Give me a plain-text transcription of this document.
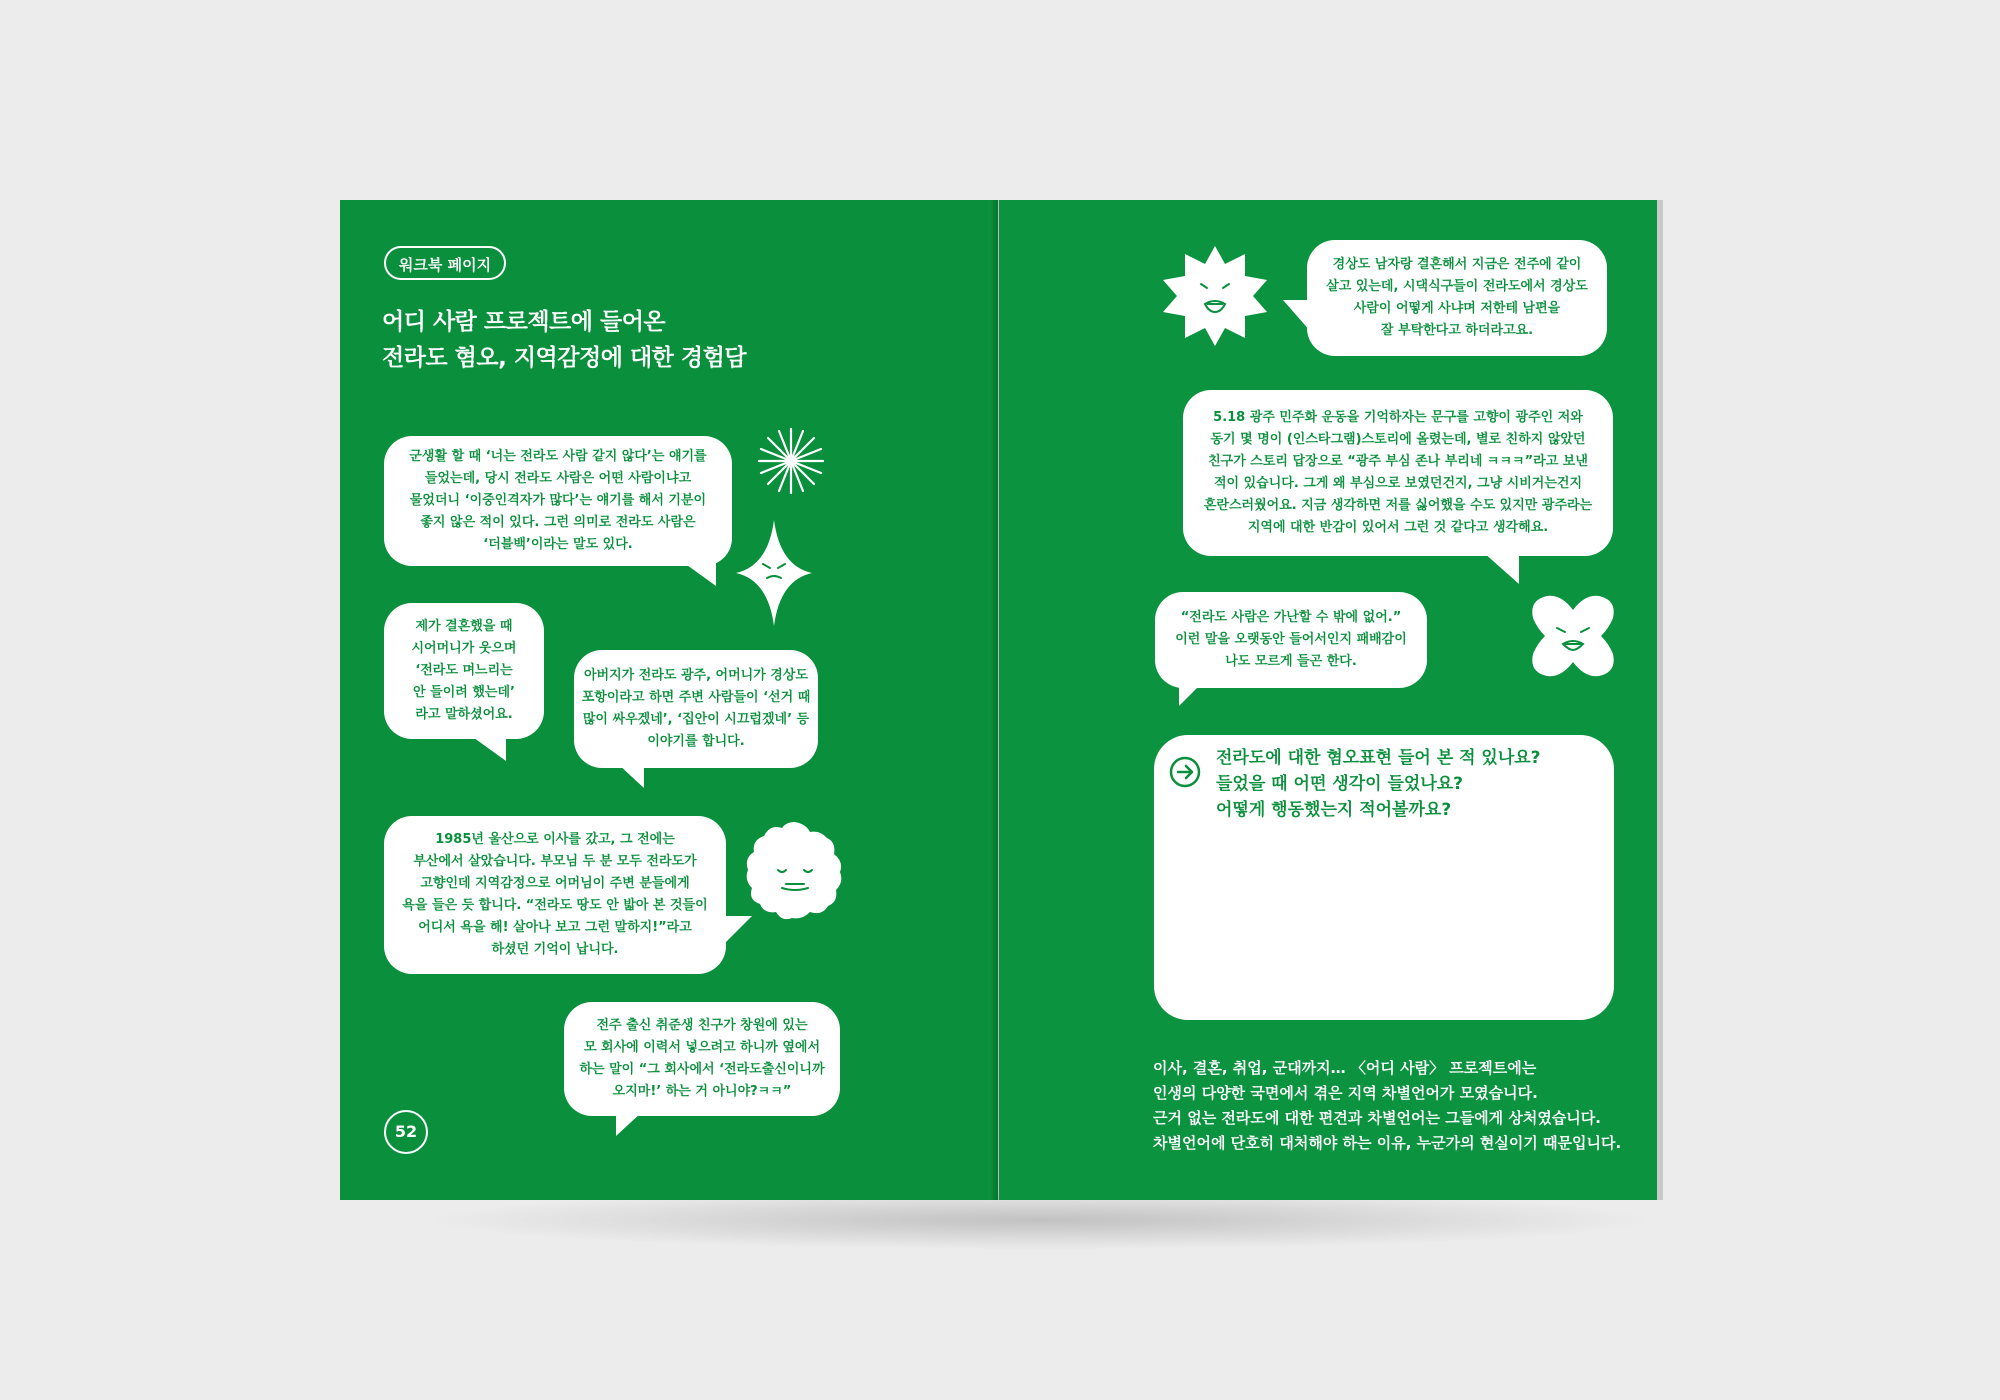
워크북 페이지
어디 사람 프로젝트에 들어온
전라도 혐오, 지역감정에 대한 경험담
군생활 할 때 ‘너는 전라도 사람 같지 않다’는 얘기를
들었는데, 당시 전라도 사람은 어떤 사람이냐고
물었더니 ‘이중인격자가 많다’는 얘기를 해서 기분이
좋지 않은 적이 있다. 그런 의미로 전라도 사람은
‘더블백’이라는 말도 있다.
제가 결혼했을 때
시어머니가 웃으며
‘전라도 며느리는
안 들이려 했는데’
라고 말하셨어요.
아버지가 전라도 광주, 어머니가 경상도
포항이라고 하면 주변 사람들이 ‘선거 때
많이 싸우겠네’, ‘집안이 시끄럽겠네’ 등
이야기를 합니다.
1985년 울산으로 이사를 갔고, 그 전에는
부산에서 살았습니다. 부모님 두 분 모두 전라도가
고향인데 지역감정으로 어머님이 주변 분들에게
욕을 들은 듯 합니다. “전라도 땅도 안 밟아 본 것들이
어디서 욕을 해! 살아나 보고 그런 말하지!”라고
하셨던 기억이 납니다.
전주 출신 취준생 친구가 창원에 있는
모 회사에 이력서 넣으려고 하니까 옆에서
하는 말이 “그 회사에서 ‘전라도출신이니까
오지마!’ 하는 거 아니야?ㅋㅋ”
52
경상도 남자랑 결혼해서 지금은 전주에 같이
살고 있는데, 시댁식구들이 전라도에서 경상도
사람이 어떻게 사냐며 저한테 남편을
잘 부탁한다고 하더라고요.
5.18 광주 민주화 운동을 기억하자는 문구를 고향이 광주인 저와
동기 몇 명이 (인스타그램)스토리에 올렸는데, 별로 친하지 않았던
친구가 스토리 답장으로 “광주 부심 존나 부리네 ㅋㅋㅋ”라고 보낸
적이 있습니다. 그게 왜 부심으로 보였던건지, 그냥 시비거는건지
혼란스러웠어요. 지금 생각하면 저를 싫어했을 수도 있지만 광주라는
지역에 대한 반감이 있어서 그런 것 같다고 생각해요.
“전라도 사람은 가난할 수 밖에 없어.”
이런 말을 오랫동안 들어서인지 패배감이
나도 모르게 들곤 한다.
전라도에 대한 혐오표현 들어 본 적 있나요?
들었을 때 어떤 생각이 들었나요?
어떻게 행동했는지 적어볼까요?
이사, 결혼, 취업, 군대까지… 〈어디 사람〉 프로젝트에는
인생의 다양한 국면에서 겪은 지역 차별언어가 모였습니다.
근거 없는 전라도에 대한 편견과 차별언어는 그들에게 상처였습니다.
차별언어에 단호히 대처해야 하는 이유, 누군가의 현실이기 때문입니다.
